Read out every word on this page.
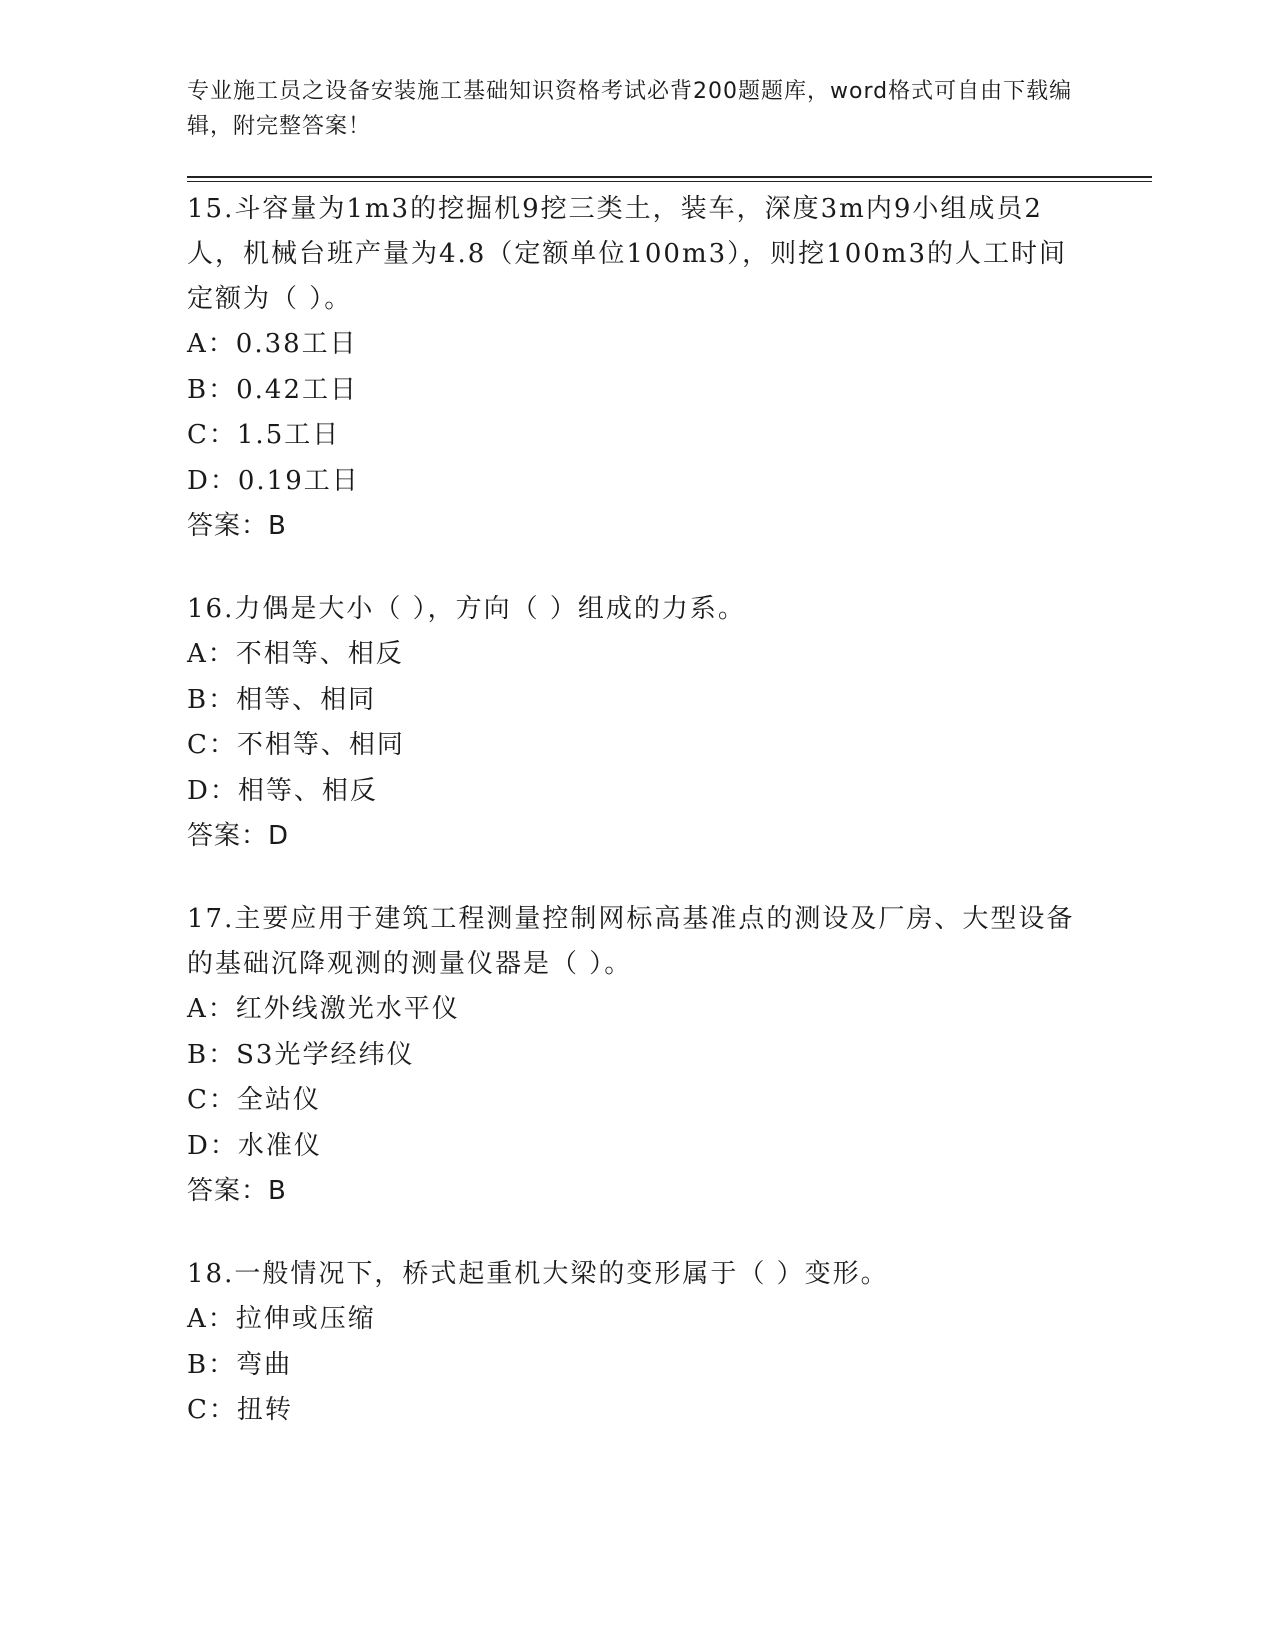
专业施工员之设备安装施工基础知识资格考试必背200题题库，word格式可自由下载编辑，附完整答案！

15.斗容量为1m3的挖掘机9挖三类土，装车，深度3m内9小组成员2人，机械台班产量为4.8（定额单位100m3），则挖100m3的人工时间定额为（ ）。

A：0.38工日

B：0.42工日

C：1.5工日

D：0.19工日

答案：B

16.力偶是大小（ ），方向（ ）组成的力系。

A：不相等、相反

B：相等、相同

C：不相等、相同

D：相等、相反

答案：D

17.主要应用于建筑工程测量控制网标高基准点的测设及厂房、大型设备的基础沉降观测的测量仪器是（ ）。

A：红外线激光水平仪

B：S3光学经纬仪

C：全站仪

D：水准仪

答案：B

18.一般情况下，桥式起重机大梁的变形属于（ ）变形。

A：拉伸或压缩

B：弯曲

C：扭转
